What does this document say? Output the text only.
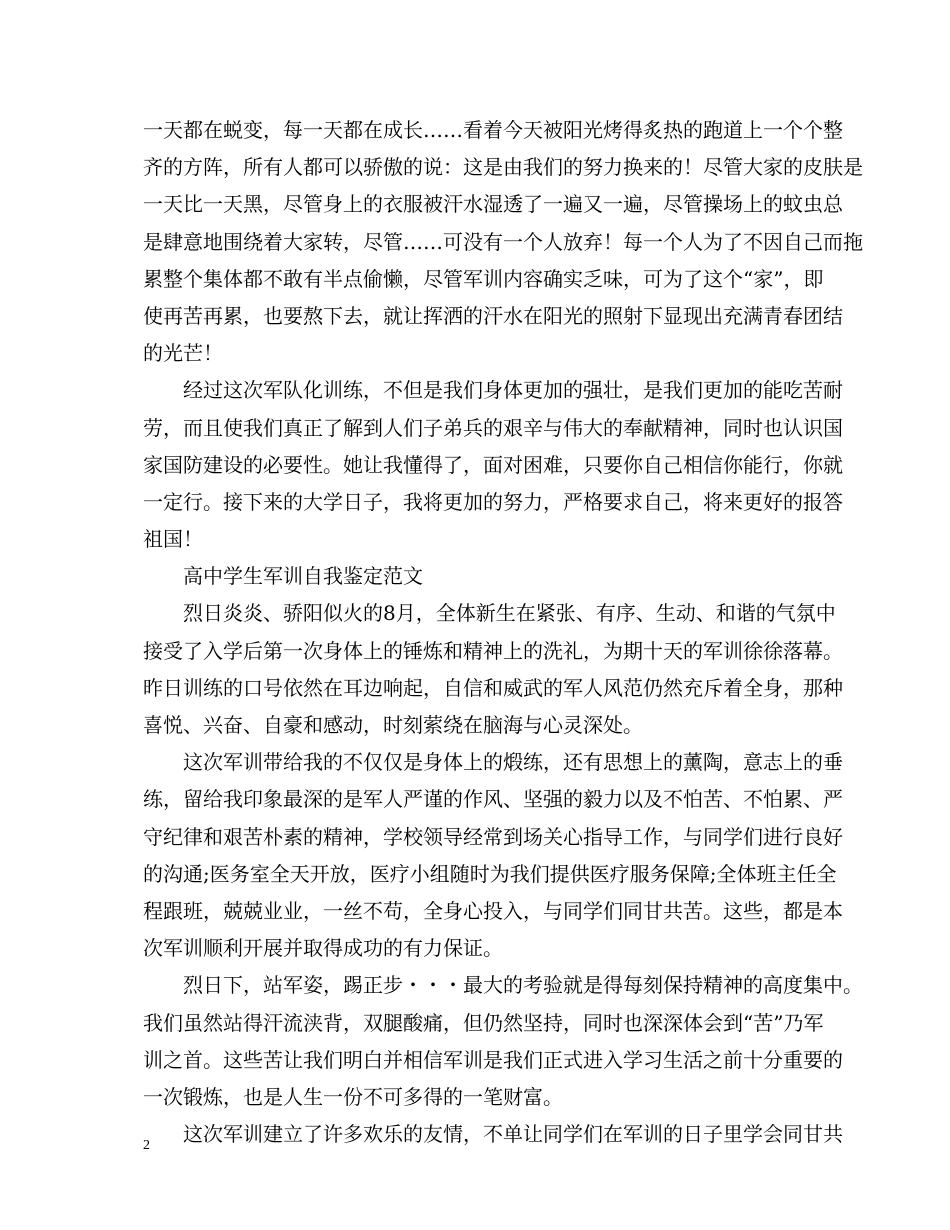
一天都在蜕变，每一天都在成长……看着今天被阳光烤得炙热的跑道上一个个整
齐的方阵，所有人都可以骄傲的说：这是由我们的努力换来的！尽管大家的皮肤是
一天比一天黑，尽管身上的衣服被汗水湿透了一遍又一遍，尽管操场上的蚊虫总
是肆意地围绕着大家转，尽管……可没有一个人放弃！每一个人为了不因自己而拖
累整个集体都不敢有半点偷懒，尽管军训内容确实乏味，可为了这个“家”，即
使再苦再累，也要熬下去，就让挥洒的汗水在阳光的照射下显现出充满青春团结
的光芒！
经过这次军队化训练，不但是我们身体更加的强壮，是我们更加的能吃苦耐
劳，而且使我们真正了解到人们子弟兵的艰辛与伟大的奉献精神，同时也认识国
家国防建设的必要性。她让我懂得了，面对困难，只要你自己相信你能行，你就
一定行。接下来的大学日子，我将更加的努力，严格要求自己，将来更好的报答
祖国！
高中学生军训自我鉴定范文
烈日炎炎、骄阳似火的8月，全体新生在紧张、有序、生动、和谐的气氛中
接受了入学后第一次身体上的锤炼和精神上的洗礼，为期十天的军训徐徐落幕。
昨日训练的口号依然在耳边响起，自信和威武的军人风范仍然充斥着全身，那种
喜悦、兴奋、自豪和感动，时刻萦绕在脑海与心灵深处。
这次军训带给我的不仅仅是身体上的煅练，还有思想上的薰陶，意志上的垂
练，留给我印象最深的是军人严谨的作风、坚强的毅力以及不怕苦、不怕累、严
守纪律和艰苦朴素的精神，学校领导经常到场关心指导工作，与同学们进行良好
的沟通;医务室全天开放，医疗小组随时为我们提供医疗服务保障;全体班主任全
程跟班，兢兢业业，一丝不苟，全身心投入，与同学们同甘共苦。这些，都是本
次军训顺利开展并取得成功的有力保证。
烈日下，站军姿，踢正步・・・最大的考验就是得每刻保持精神的高度集中。
我们虽然站得汗流浃背，双腿酸痛，但仍然坚持，同时也深深体会到“苦”乃军
训之首。这些苦让我们明白并相信军训是我们正式进入学习生活之前十分重要的
一次锻炼，也是人生一份不可多得的一笔财富。
这次军训建立了许多欢乐的友情，不单让同学们在军训的日子里学会同甘共
2
